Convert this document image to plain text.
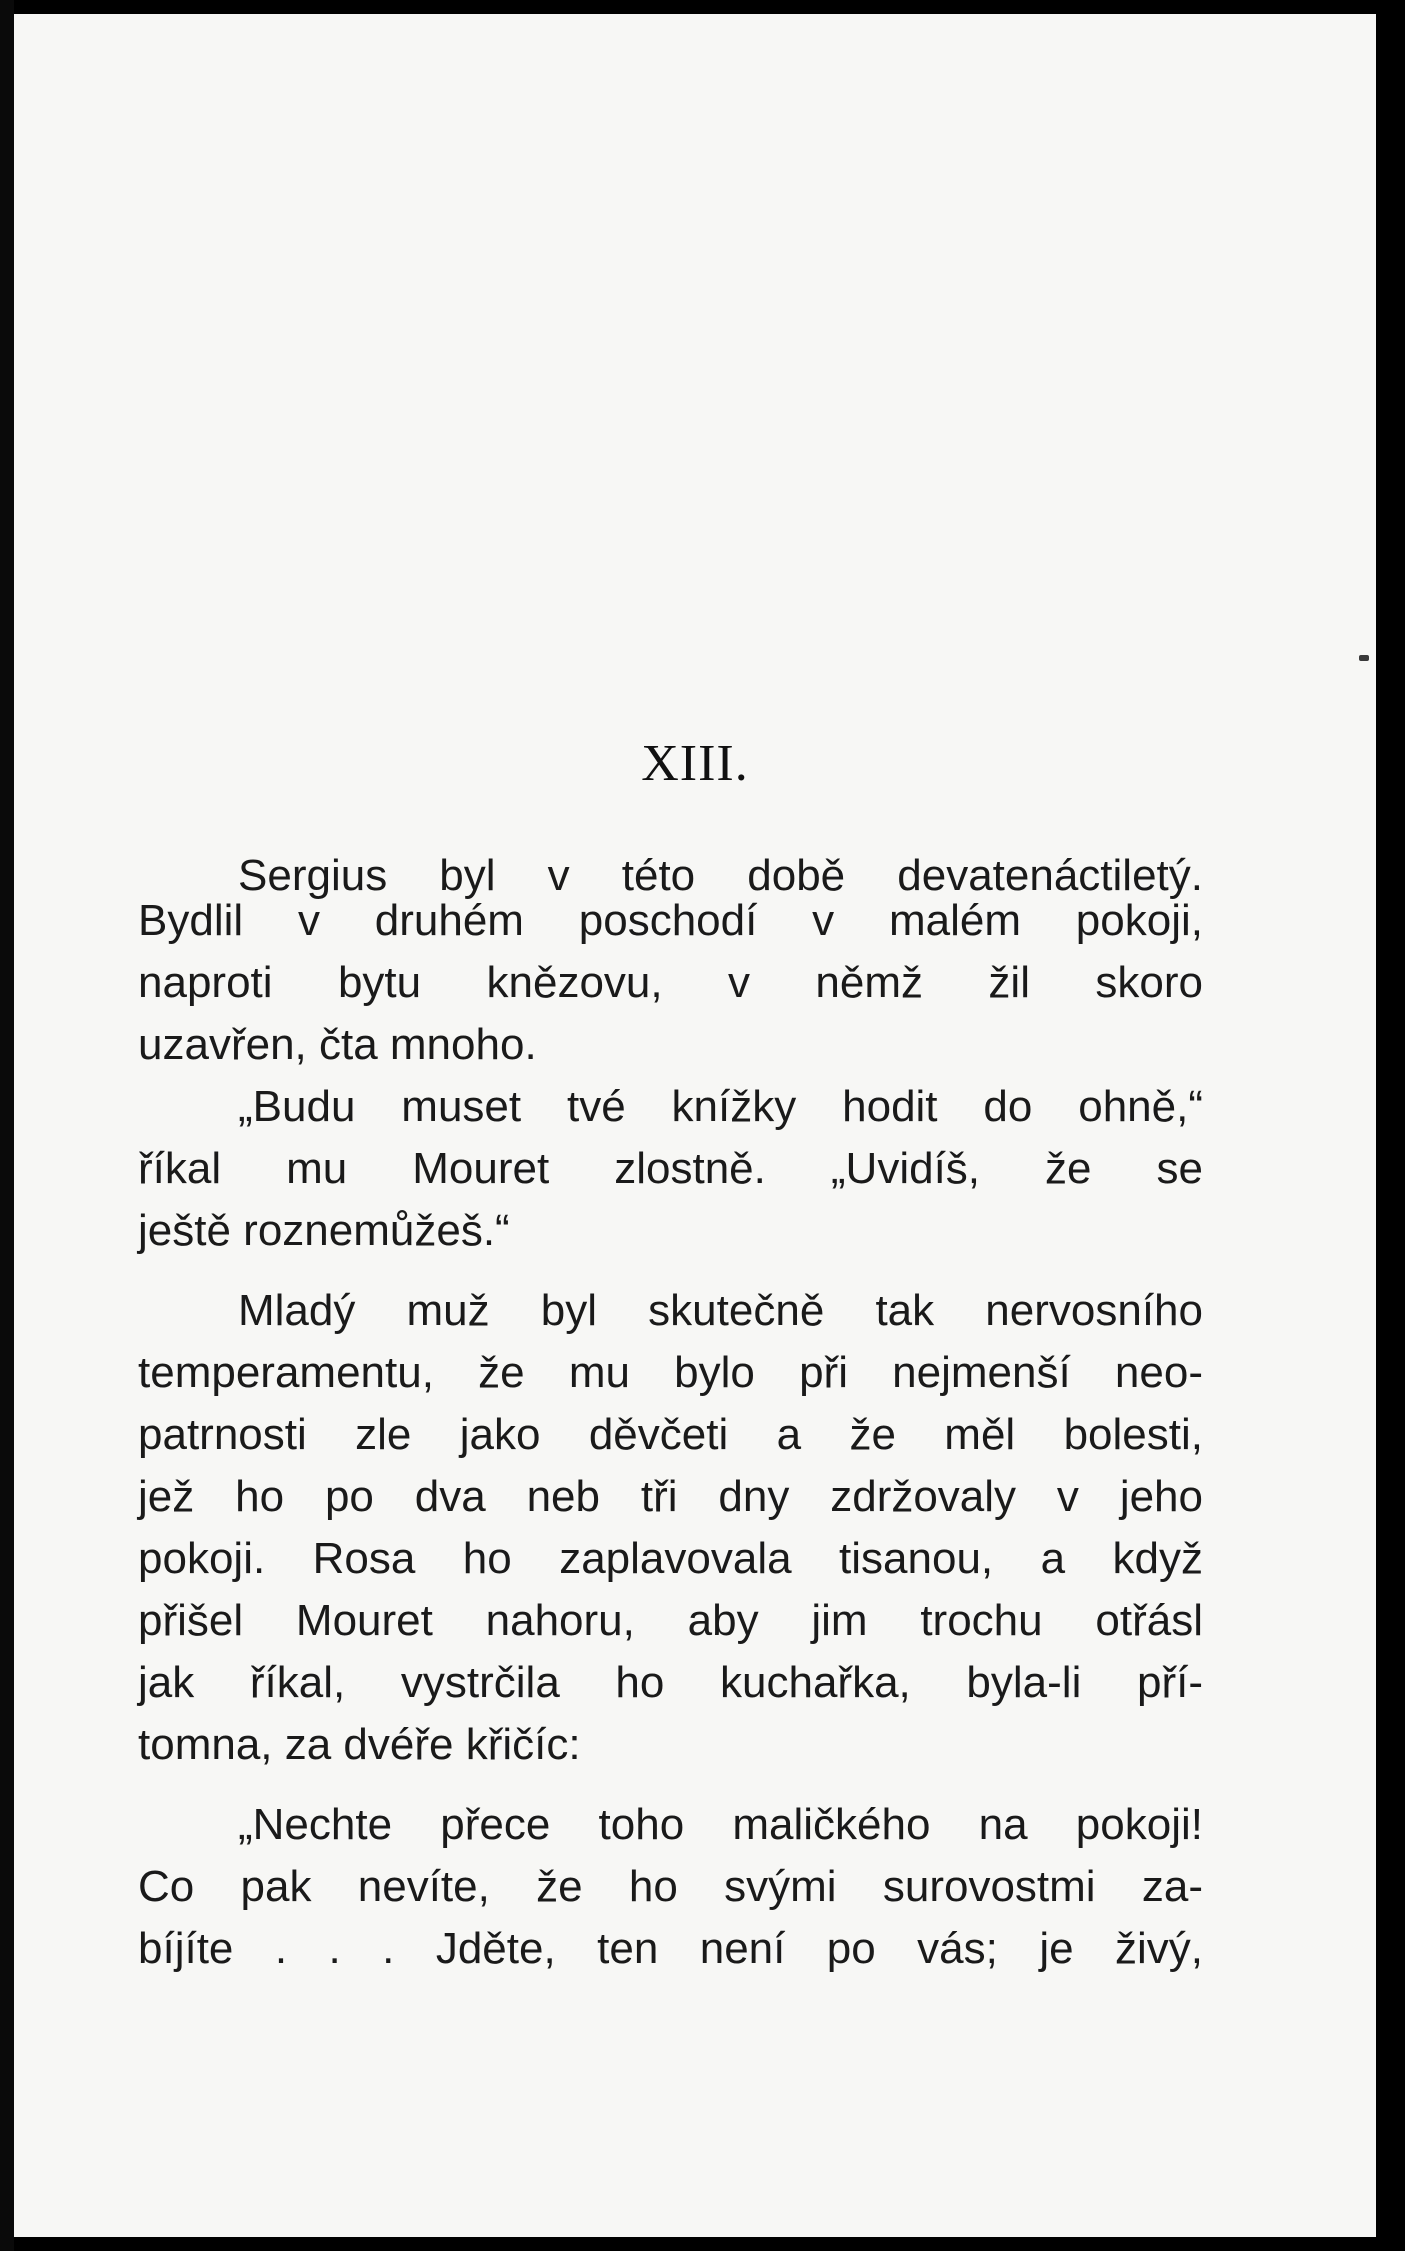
XIII.
Sergius byl v této době devatenáctiletý.
Bydlil v druhém poschodí v malém pokoji,
naproti bytu knězovu, v němž žil skoro
uzavřen, čta mnoho.
„Budu muset tvé knížky hodit do ohně,“
říkal mu Mouret zlostně. „Uvidíš, že se
ještě roznemůžeš.“
Mladý muž byl skutečně tak nervosního
temperamentu, že mu bylo při nejmenší neo-
patrnosti zle jako děvčeti a že měl bolesti,
jež ho po dva neb tři dny zdržovaly v jeho
pokoji. Rosa ho zaplavovala tisanou, a když
přišel Mouret nahoru, aby jim trochu otřásl
jak říkal, vystrčila ho kuchařka, byla-li pří-
tomna, za dvéře křičíc:
„Nechte přece toho maličkého na pokoji!
Co pak nevíte, že ho svými surovostmi za-
bíjíte . . . Jděte, ten není po vás; je živý,
